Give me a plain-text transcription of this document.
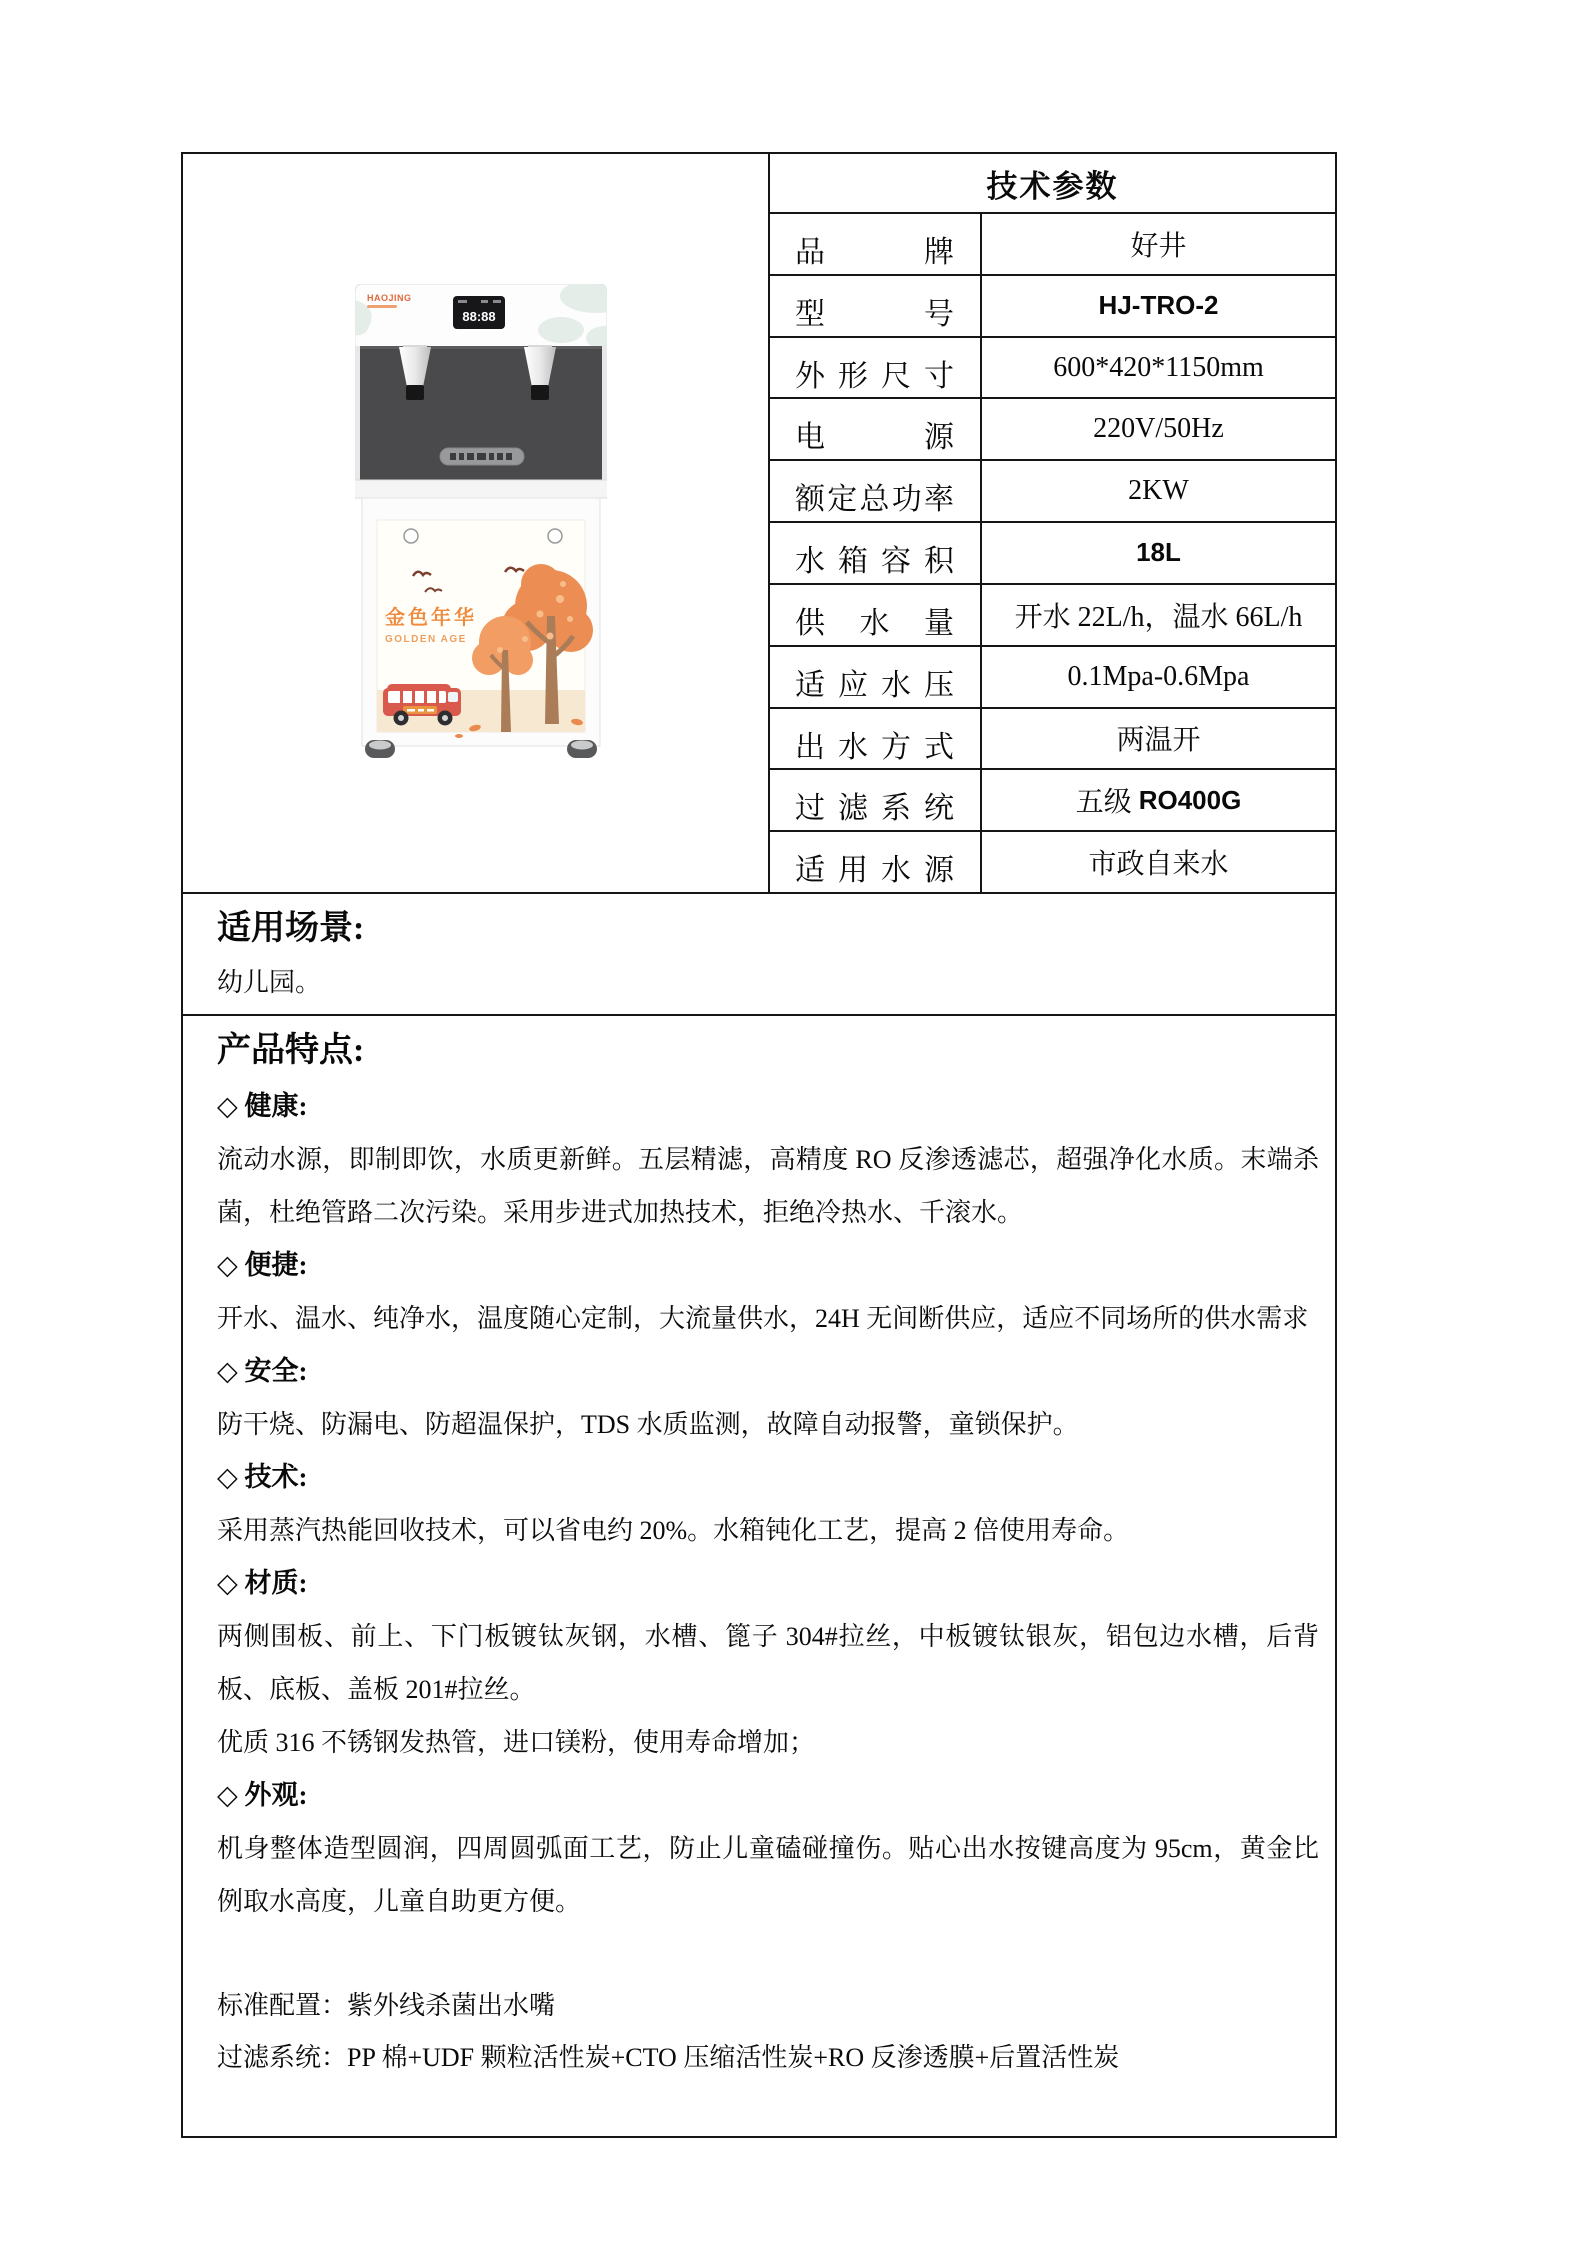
HAOJING
88:88
金色年华
GOLDEN AGE
技术参数
品牌	好井
型号	HJ-TRO-2
外形尺寸	600*420*1150mm
电源	220V/50Hz
额定总功率	2KW
水箱容积	18L
供水量	开水 22L/h，温水 66L/h
适应水压	0.1Mpa-0.6Mpa
出水方式	两温开
过滤系统	五级 RO400G
适用水源	市政自来水

适用场景:

幼儿园。

产品特点:

◇ 健康:

流动水源，即制即饮，水质更新鲜。五层精滤，高精度 RO 反渗透滤芯，超强净化水质。末端杀菌，杜绝管路二次污染。采用步进式加热技术，拒绝冷热水、千滚水。

◇ 便捷:

开水、温水、纯净水，温度随心定制，大流量供水，24H 无间断供应，适应不同场所的供水需求

◇ 安全:

防干烧、防漏电、防超温保护，TDS 水质监测，故障自动报警，童锁保护。

◇ 技术:

采用蒸汽热能回收技术，可以省电约 20%。水箱钝化工艺，提高 2 倍使用寿命。

◇ 材质:

两侧围板、前上、下门板镀钛灰钢，水槽、篦子 304#拉丝，中板镀钛银灰，铝包边水槽，后背板、底板、盖板 201#拉丝。

优质 316 不锈钢发热管，进口镁粉，使用寿命增加；

◇ 外观:

机身整体造型圆润，四周圆弧面工艺，防止儿童磕碰撞伤。贴心出水按键高度为 95cm，黄金比例取水高度，儿童自助更方便。

标准配置：紫外线杀菌出水嘴

过滤系统：PP 棉+UDF 颗粒活性炭+CTO 压缩活性炭+RO 反渗透膜+后置活性炭
